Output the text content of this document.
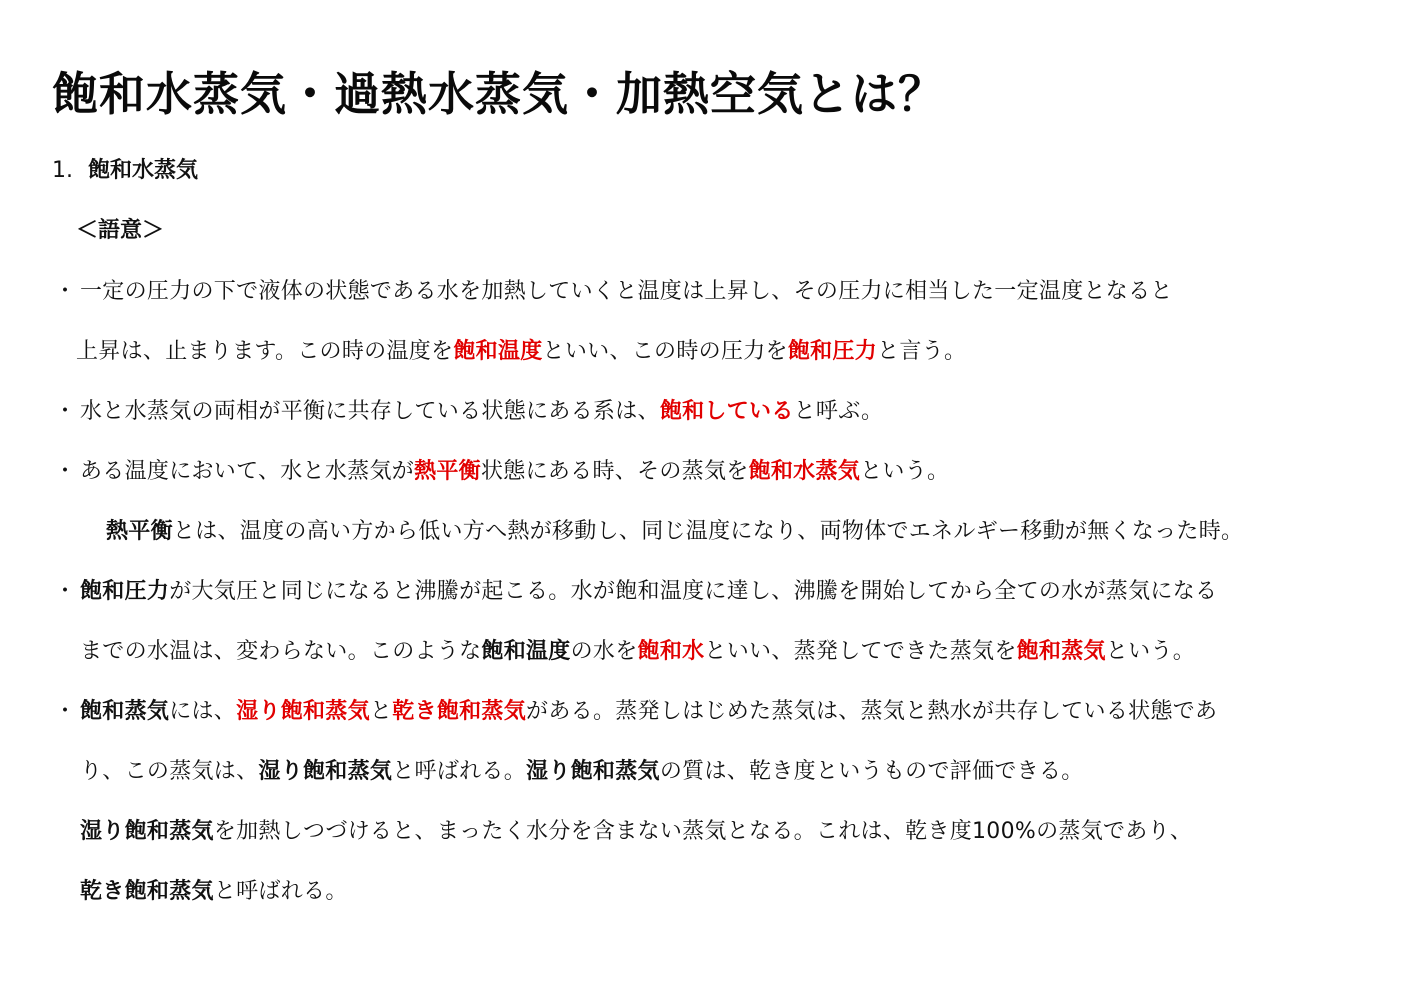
飽和水蒸気・過熱水蒸気・加熱空気とは？
1. 飽和水蒸気
＜語意＞
・
・
・
・
・
一定の圧力の下で液体の状態である水を加熱していくと温度は上昇し、その圧力に相当した一定温度となると
上昇は、止まります。この時の温度を飽和温度といい、この時の圧力を飽和圧力と言う。
水と水蒸気の両相が平衡に共存している状態にある系は、飽和していると呼ぶ。
ある温度において、水と水蒸気が熱平衡状態にある時、その蒸気を飽和水蒸気という。
熱平衡とは、温度の高い方から低い方へ熱が移動し、同じ温度になり、両物体でエネルギー移動が無くなった時。
飽和圧力が大気圧と同じになると沸騰が起こる。水が飽和温度に達し、沸騰を開始してから全ての水が蒸気になる
までの水温は、変わらない。このような飽和温度の水を飽和水といい、蒸発してできた蒸気を飽和蒸気という。
飽和蒸気には、湿り飽和蒸気と乾き飽和蒸気がある。蒸発しはじめた蒸気は、蒸気と熱水が共存している状態であ
り、この蒸気は、湿り飽和蒸気と呼ばれる。湿り飽和蒸気の質は、乾き度というもので評価できる。
湿り飽和蒸気を加熱しつづけると、まったく水分を含まない蒸気となる。これは、乾き度100%の蒸気であり、
乾き飽和蒸気と呼ばれる。
